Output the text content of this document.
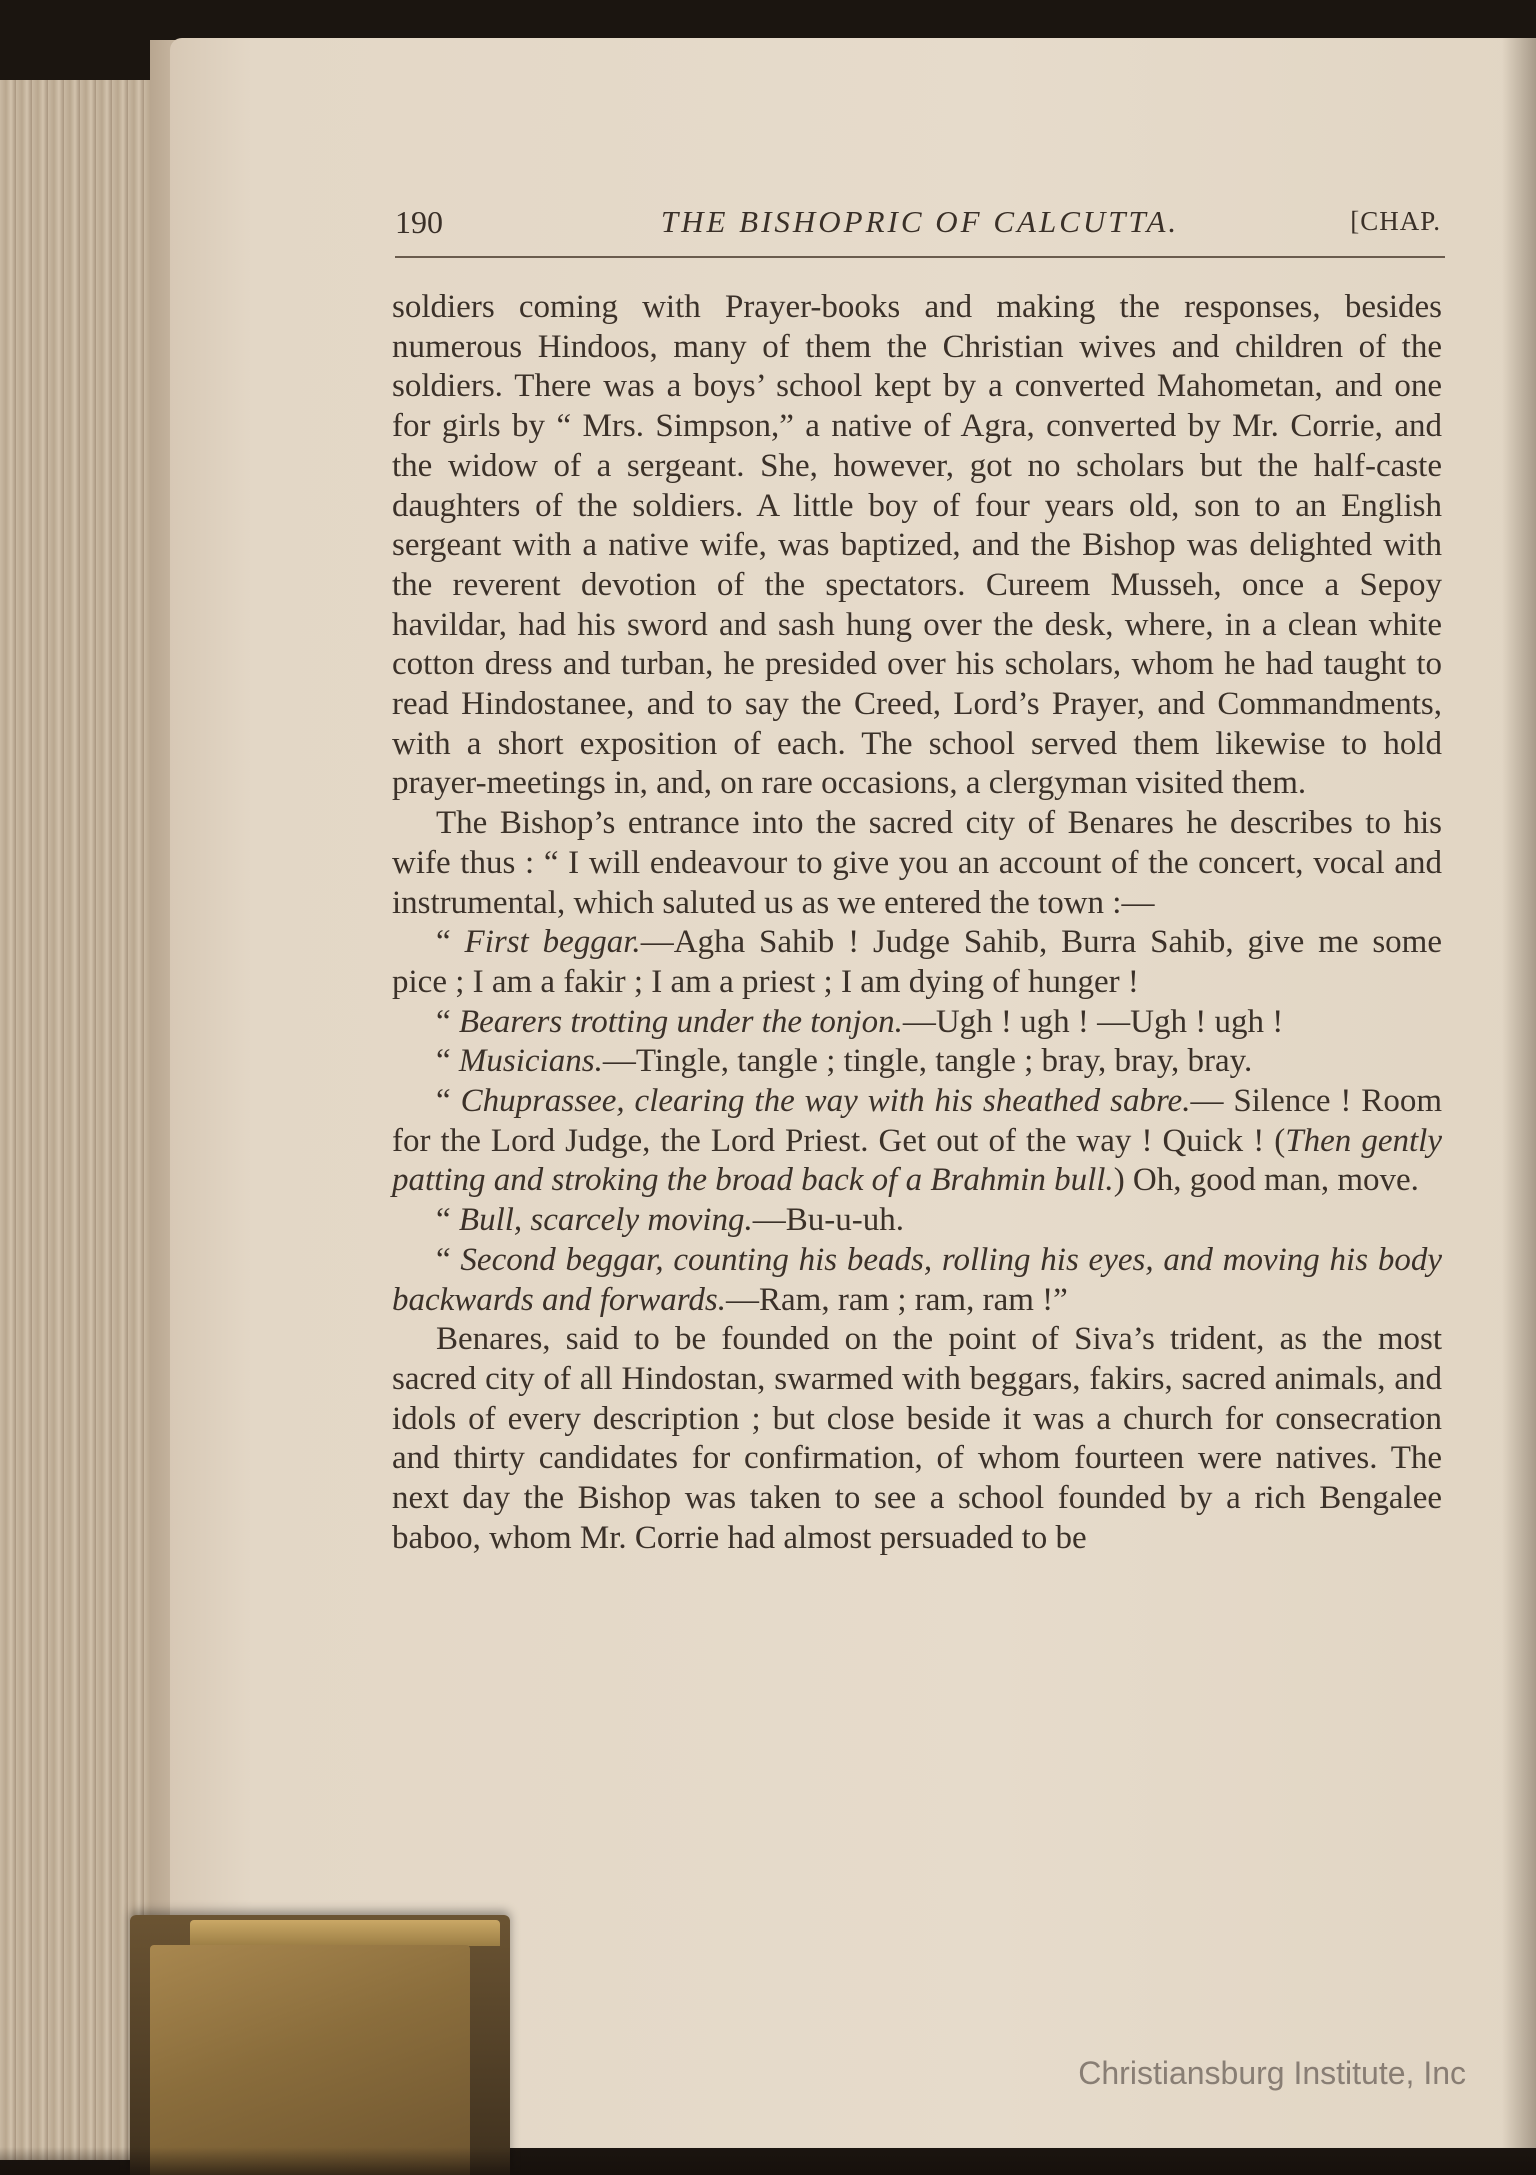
190	THE BISHOPRIC OF CALCUTTA.	[CHAP.

soldiers coming with Prayer-books and making the responses, besides numerous Hindoos, many of them the Christian wives and children of the soldiers. There was a boys’ school kept by a converted Mahometan, and one for girls by “ Mrs. Simpson,” a native of Agra, converted by Mr. Corrie, and the widow of a sergeant. She, however, got no scholars but the half-caste daughters of the soldiers. A little boy of four years old, son to an English sergeant with a native wife, was baptized, and the Bishop was delighted with the reverent devotion of the spectators. Cureem Musseh, once a Sepoy havildar, had his sword and sash hung over the desk, where, in a clean white cotton dress and turban, he presided over his scholars, whom he had taught to read Hindostanee, and to say the Creed, Lord’s Prayer, and Commandments, with a short exposition of each. The school served them likewise to hold prayer-meetings in, and, on rare occasions, a clergyman visited them.

The Bishop’s entrance into the sacred city of Benares he describes to his wife thus : “ I will endeavour to give you an account of the concert, vocal and instrumental, which saluted us as we entered the town :—

“ First beggar.—Agha Sahib ! Judge Sahib, Burra Sahib, give me some pice ; I am a fakir ; I am a priest ; I am dying of hunger !

“ Bearers trotting under the tonjon.—Ugh ! ugh ! —Ugh ! ugh !

“ Musicians.—Tingle, tangle ; tingle, tangle ; bray, bray, bray.

“ Chuprassee, clearing the way with his sheathed sabre.— Silence ! Room for the Lord Judge, the Lord Priest. Get out of the way ! Quick ! (Then gently patting and stroking the broad back of a Brahmin bull.) Oh, good man, move.

“ Bull, scarcely moving.—Bu-u-uh.

“ Second beggar, counting his beads, rolling his eyes, and moving his body backwards and forwards.—Ram, ram ; ram, ram !”

Benares, said to be founded on the point of Siva’s trident, as the most sacred city of all Hindostan, swarmed with beggars, fakirs, sacred animals, and idols of every description ; but close beside it was a church for consecration and thirty candidates for confirmation, of whom fourteen were natives. The next day the Bishop was taken to see a school founded by a rich Bengalee baboo, whom Mr. Corrie had almost persuaded to be

Christiansburg Institute, Inc
